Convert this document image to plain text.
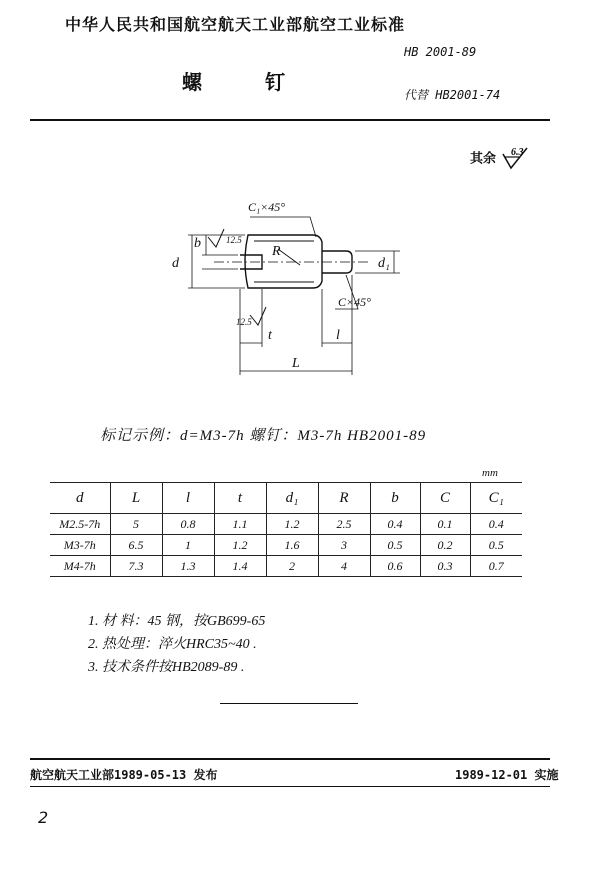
中华人民共和国航空航天工业部航空工业标准
螺 钉
HB 2001-89
代替 HB2001-74
其余 6.3
C₁×45°
C×45°
b
d	d₁
R
t	l
L
12.5
12.5
标记示例：d=M3-7h 螺钉：M3-7h HB2001-89
mm
d	L	l	t	d₁	R	b	C	C₁
M2.5-7h	5	0.8	1.1	1.2	2.5	0.4	0.1	0.4
M3-7h	6.5	1	1.2	1.6	3	0.5	0.2	0.5
M4-7h	7.3	1.3	1.4	2	4	0.6	0.3	0.7
1. 材 料：45 钢，按GB699-65
2. 热处理：淬火HRC35~40 .
3. 技术条件按HB2089-89 .
航空航天工业部1989-05-13 发布	1989-12-01 实施
2
